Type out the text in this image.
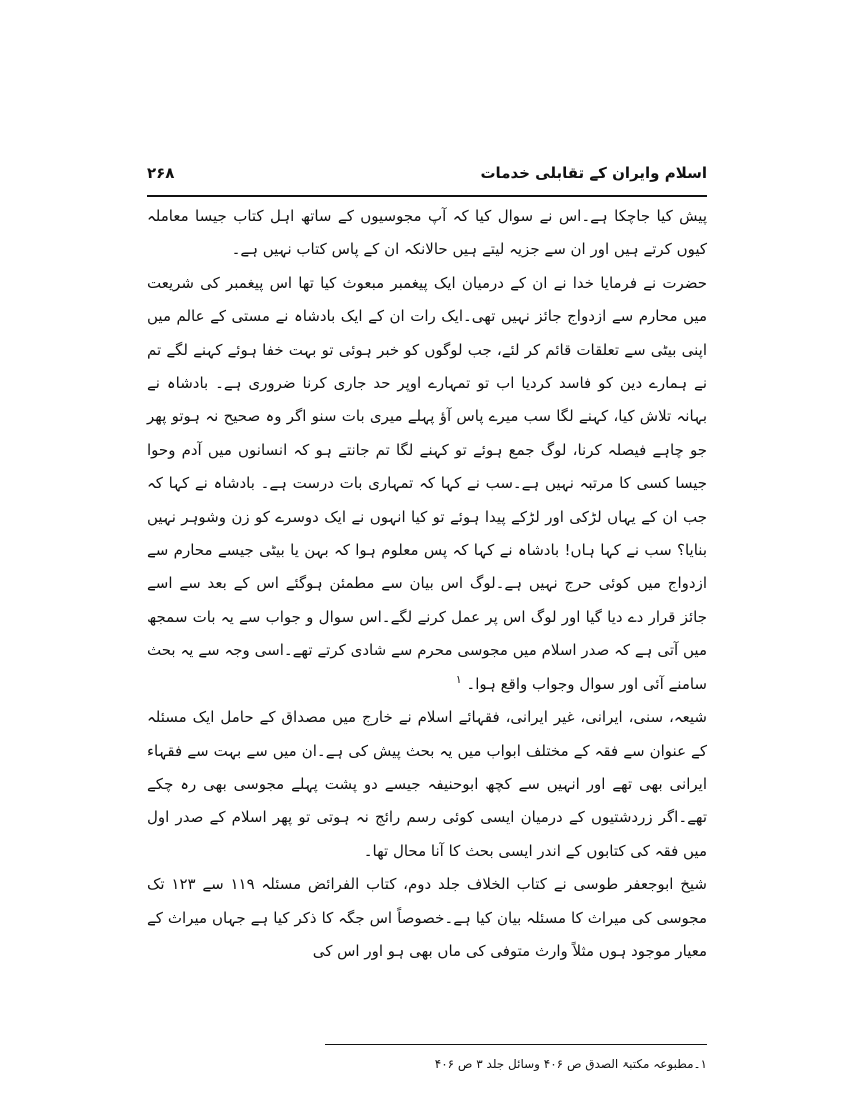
اسلام وایران کے تقابلی خدمات
۲۶۸

پیش کیا جاچکا ہے۔اس نے سوال کیا کہ آپ مجوسیوں کے ساتھ اہل کتاب جیسا معاملہ کیوں کرتے ہیں اور ان سے جزیہ لیتے ہیں حالانکہ ان کے پاس کتاب نہیں ہے۔

حضرت نے فرمایا خدا نے ان کے درمیان ایک پیغمبر مبعوث کیا تھا اس پیغمبر کی شریعت میں محارم سے ازدواج جائز نہیں تھی۔ایک رات ان کے ایک بادشاہ نے مستی کے عالم میں اپنی بیٹی سے تعلقات قائم کر لئے، جب لوگوں کو خبر ہوئی تو بہت خفا ہوئے کہنے لگے تم نے ہمارے دین کو فاسد کردیا اب تو تمہارے اوپر حد جاری کرنا ضروری ہے۔ بادشاہ نے بہانہ تلاش کیا، کہنے لگا سب میرے پاس آؤ پہلے میری بات سنو اگر وہ صحیح نہ ہوتو پھر جو چاہے فیصلہ کرنا، لوگ جمع ہوئے تو کہنے لگا تم جانتے ہو کہ انسانوں میں آدم وحوا جیسا کسی کا مرتبہ نہیں ہے۔سب نے کہا کہ تمہاری بات درست ہے۔ بادشاہ نے کہا کہ جب ان کے یہاں لڑکی اور لڑکے پیدا ہوئے تو کیا انہوں نے ایک دوسرے کو زن وشوہر نہیں بنایا؟ سب نے کہا ہاں! بادشاہ نے کہا کہ پس معلوم ہوا کہ بہن یا بیٹی جیسے محارم سے ازدواج میں کوئی حرج نہیں ہے۔لوگ اس بیان سے مطمئن ہوگئے اس کے بعد سے اسے جائز قرار دے دیا گیا اور لوگ اس پر عمل کرنے لگے۔اس سوال و جواب سے یہ بات سمجھ میں آتی ہے کہ صدر اسلام میں مجوسی محرم سے شادی کرتے تھے۔اسی وجہ سے یہ بحث سامنے آئی اور سوال وجواب واقع ہوا۔ $^۱$

شیعہ، سنی، ایرانی، غیر ایرانی، فقہائے اسلام نے خارج میں مصداق کے حامل ایک مسئلہ کے عنوان سے فقہ کے مختلف ابواب میں یہ بحث پیش کی ہے۔ان میں سے بہت سے فقہاء ایرانی بھی تھے اور انہیں سے کچھ ابوحنیفہ جیسے دو پشت پہلے مجوسی بھی رہ چکے تھے۔اگر زردشتیوں کے درمیان ایسی کوئی رسم رائج نہ ہوتی تو پھر اسلام کے صدر اول میں فقہ کی کتابوں کے اندر ایسی بحث کا آنا محال تھا۔

شیخ ابوجعفر طوسی نے کتاب الخلاف جلد دوم، کتاب الفرائض مسئلہ ۱۱۹ سے ۱۲۳ تک مجوسی کی میراث کا مسئلہ بیان کیا ہے۔خصوصاً اس جگہ کا ذکر کیا ہے جہاں میراث کے معیار موجود ہوں مثلاً وارث متوفی کی ماں بھی ہو اور اس کی

۱۔مطبوعہ مکتبۃ الصدق ص ۴۰۶ وسائل جلد ۳ ص ۴۰۶
